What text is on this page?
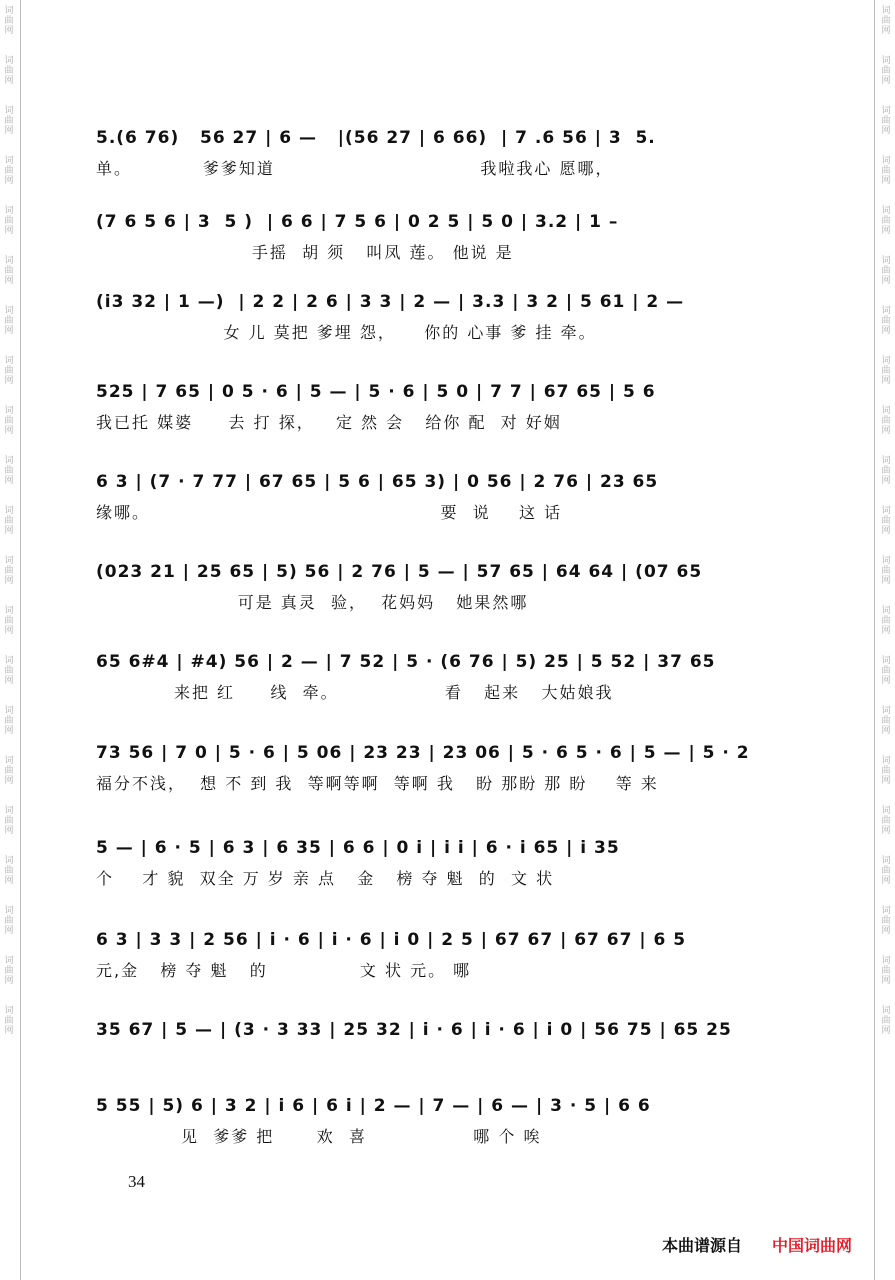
词
曲
网
词
曲
网
词
曲
网
词
曲
网
词
曲
网
词
曲
网
词
曲
网
词
曲
网
词
曲
网
词
曲
网
词
曲
网
词
曲
网
词
曲
网
词
曲
网
词
曲
网
词
曲
网
词
曲
网
词
曲
网
词
曲
网
词
曲
网
词
曲
网
词
曲
网
词
曲
网
词
曲
网
词
曲
网
词
曲
网
词
曲
网
词
曲
网
词
曲
网
词
曲
网
词
曲
网
词
曲
网
词
曲
网
词
曲
网
词
曲
网
词
曲
网
词
曲
网
词
曲
网
词
曲
网
词
曲
网
词
曲
网
词
曲
网
5.(6 76)   56 27 | 6 —   |(56 27 | 6 66)  | 7 .6 56 | 3  5.
单。          爹爹知道                             我啦我心 愿哪，
(7 6 5 6 | 3  5 )  | 6 6 | 7 5 6 | 0 2 5 | 5 0 | 3.2 | 1 –
手摇  胡 须   叫凤 莲。 他说 是
(i3 32 | 1 —)  | 2 2 | 2 6 | 3 3 | 2 — | 3.3 | 3 2 | 5 61 | 2 —
女 儿 莫把 爹埋 怨，    你的 心事 爹 挂 牵。
525 | 7 65 | 0 5 · 6 | 5 — | 5 · 6 | 5 0 | 7 7 | 67 65 | 5 6
我已托 媒婆     去 打 探，   定 然 会   给你 配  对 好姻
6 3 | (7 · 7 77 | 67 65 | 5 6 | 65 3) | 0 56 | 2 76 | 23 65
缘哪。                                         要  说    这 话
(023 21 | 25 65 | 5) 56 | 2 76 | 5 — | 57 65 | 64 64 | (07 65
可是 真灵  验，  花妈妈   她果然哪
65 6#4 | #4) 56 | 2 — | 7 52 | 5 · (6 76 | 5) 25 | 5 52 | 37 65
来把 红     线  牵。               看   起来   大姑娘我
73 56 | 7 0 | 5 · 6 | 5 06 | 23 23 | 23 06 | 5 · 6 5 · 6 | 5 — | 5 · 2
福分不浅，  想 不 到 我  等啊等啊  等啊 我   盼 那盼 那 盼    等 来
5 — | 6 · 5 | 6 3 | 6 35 | 6 6 | 0 i | i i | 6 · i 65 | i 35
个    才 貌  双全 万 岁 亲 点   金   榜 夺 魁  的  文 状
6 3 | 3 3 | 2 56 | i · 6 | i · 6 | i 0 | 2 5 | 67 67 | 67 67 | 6 5
元,金   榜 夺 魁   的             文 状 元。 哪
35 67 | 5 — | (3 · 3 33 | 25 32 | i · 6 | i · 6 | i 0 | 56 75 | 65 25
5 55 | 5) 6 | 3 2 | i 6 | 6 i | 2 — | 7 — | 6 — | 3 · 5 | 6 6
见  爹爹 把      欢  喜               哪 个 唉
34
本曲谱源自 中国词曲网
